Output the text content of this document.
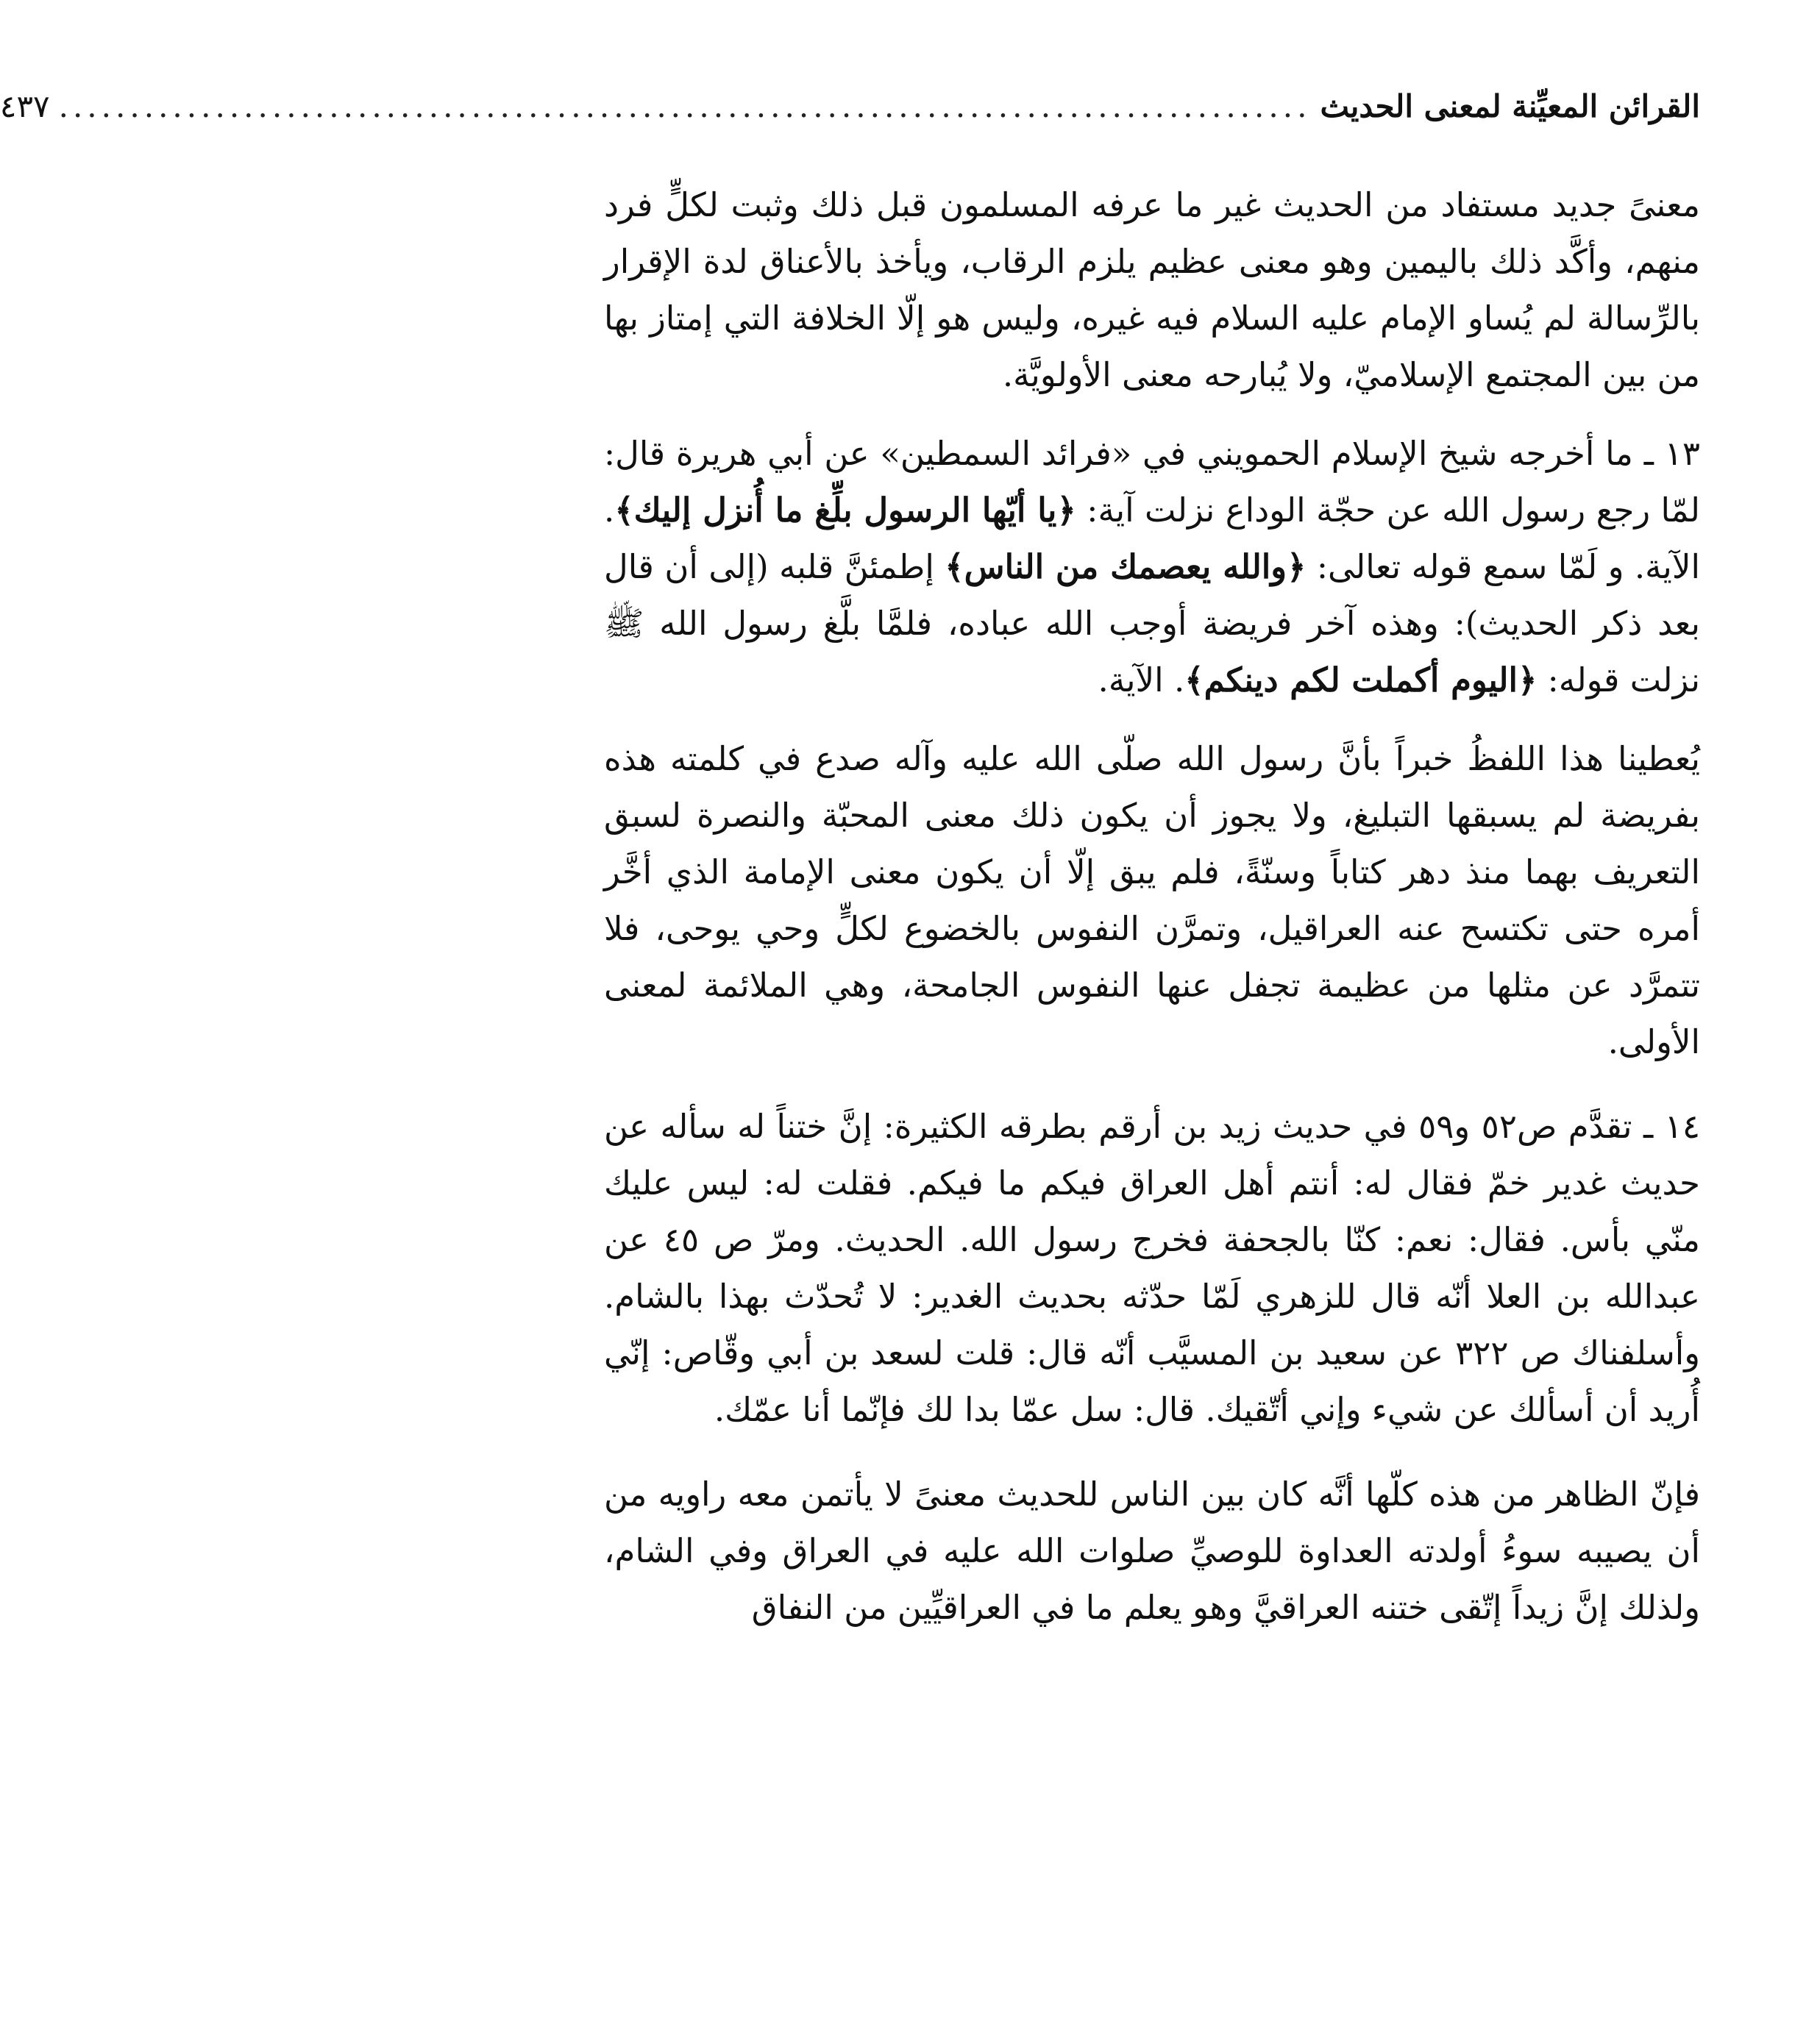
القرائن المعيِّنة لمعنى الحديث
........................................................................................
٤٣٧

معنىً جديد مستفاد من الحديث غير ما عرفه المسلمون قبل ذلك وثبت لكلٍّ فرد منهم، وأكَّد ذلك باليمين وهو معنى عظيم يلزم الرقاب، ويأخذ بالأعناق لدة الإقرار بالرِّسالة لم يُساو الإمام عليه السلام فيه غيره، وليس هو إلّا الخلافة التي إمتاز بها من بين المجتمع الإسلاميّ، ولا يُبارحه معنى الأولويَّة.

١٣ ـ ما أخرجه شيخ الإسلام الحمويني في «فرائد السمطين» عن أبي هريرة قال: لمّا رجع رسول الله عن حجّة الوداع نزلت آية: ﴿يا أيّها الرسول بلِّغ ما أُنزل إليك﴾. الآية. و لَمّا سمع قوله تعالى: ﴿والله يعصمك من الناس﴾ إطمئنَّ قلبه (إلى أن قال بعد ذكر الحديث): وهذه آخر فريضة أوجب الله عباده، فلمَّا بلَّغ رسول الله ﷺ نزلت قوله: ﴿اليوم أكملت لكم دينكم﴾. الآية.

يُعطينا هذا اللفظُ خبراً بأنَّ رسول الله صلّى الله عليه وآله صدع في كلمته هذه بفريضة لم يسبقها التبليغ، ولا يجوز أن يكون ذلك معنى المحبّة والنصرة لسبق التعريف بهما منذ دهر كتاباً وسنّةً، فلم يبق إلّا أن يكون معنى الإمامة الذي أخَّر أمره حتى تكتسح عنه العراقيل، وتمرَّن النفوس بالخضوع لكلٍّ وحي يوحى، فلا تتمرَّد عن مثلها من عظيمة تجفل عنها النفوس الجامحة، وهي الملائمة لمعنى الأولى.

١٤ ـ تقدَّم ص٥٢ و٥٩ في حديث زيد بن أرقم بطرقه الكثيرة: إنَّ ختناً له سأله عن حديث غدير خمّ فقال له: أنتم أهل العراق فيكم ما فيكم. فقلت له: ليس عليك منّي بأس. فقال: نعم: كنّا بالجحفة فخرج رسول الله. الحديث. ومرّ ص ٤٥ عن عبدالله بن العلا أنّه قال للزهري لَمّا حدّثه بحديث الغدير: لا تُحدّث بهذا بالشام. وأسلفناك ص ٣٢٢ عن سعيد بن المسيَّب أنّه قال: قلت لسعد بن أبي وقّاص: إنّي أُريد أن أسألك عن شيء وإني أتّقيك. قال: سل عمّا بدا لك فإنّما أنا عمّك.

فإنّ الظاهر من هذه كلّها أنَّه كان بين الناس للحديث معنىً لا يأتمن معه راويه من أن يصيبه سوءُ أولدته العداوة للوصيِّ صلوات الله عليه في العراق وفي الشام، ولذلك إنَّ زيداً إتّقى ختنه العراقيَّ وهو يعلم ما في العراقيِّين من النفاق
